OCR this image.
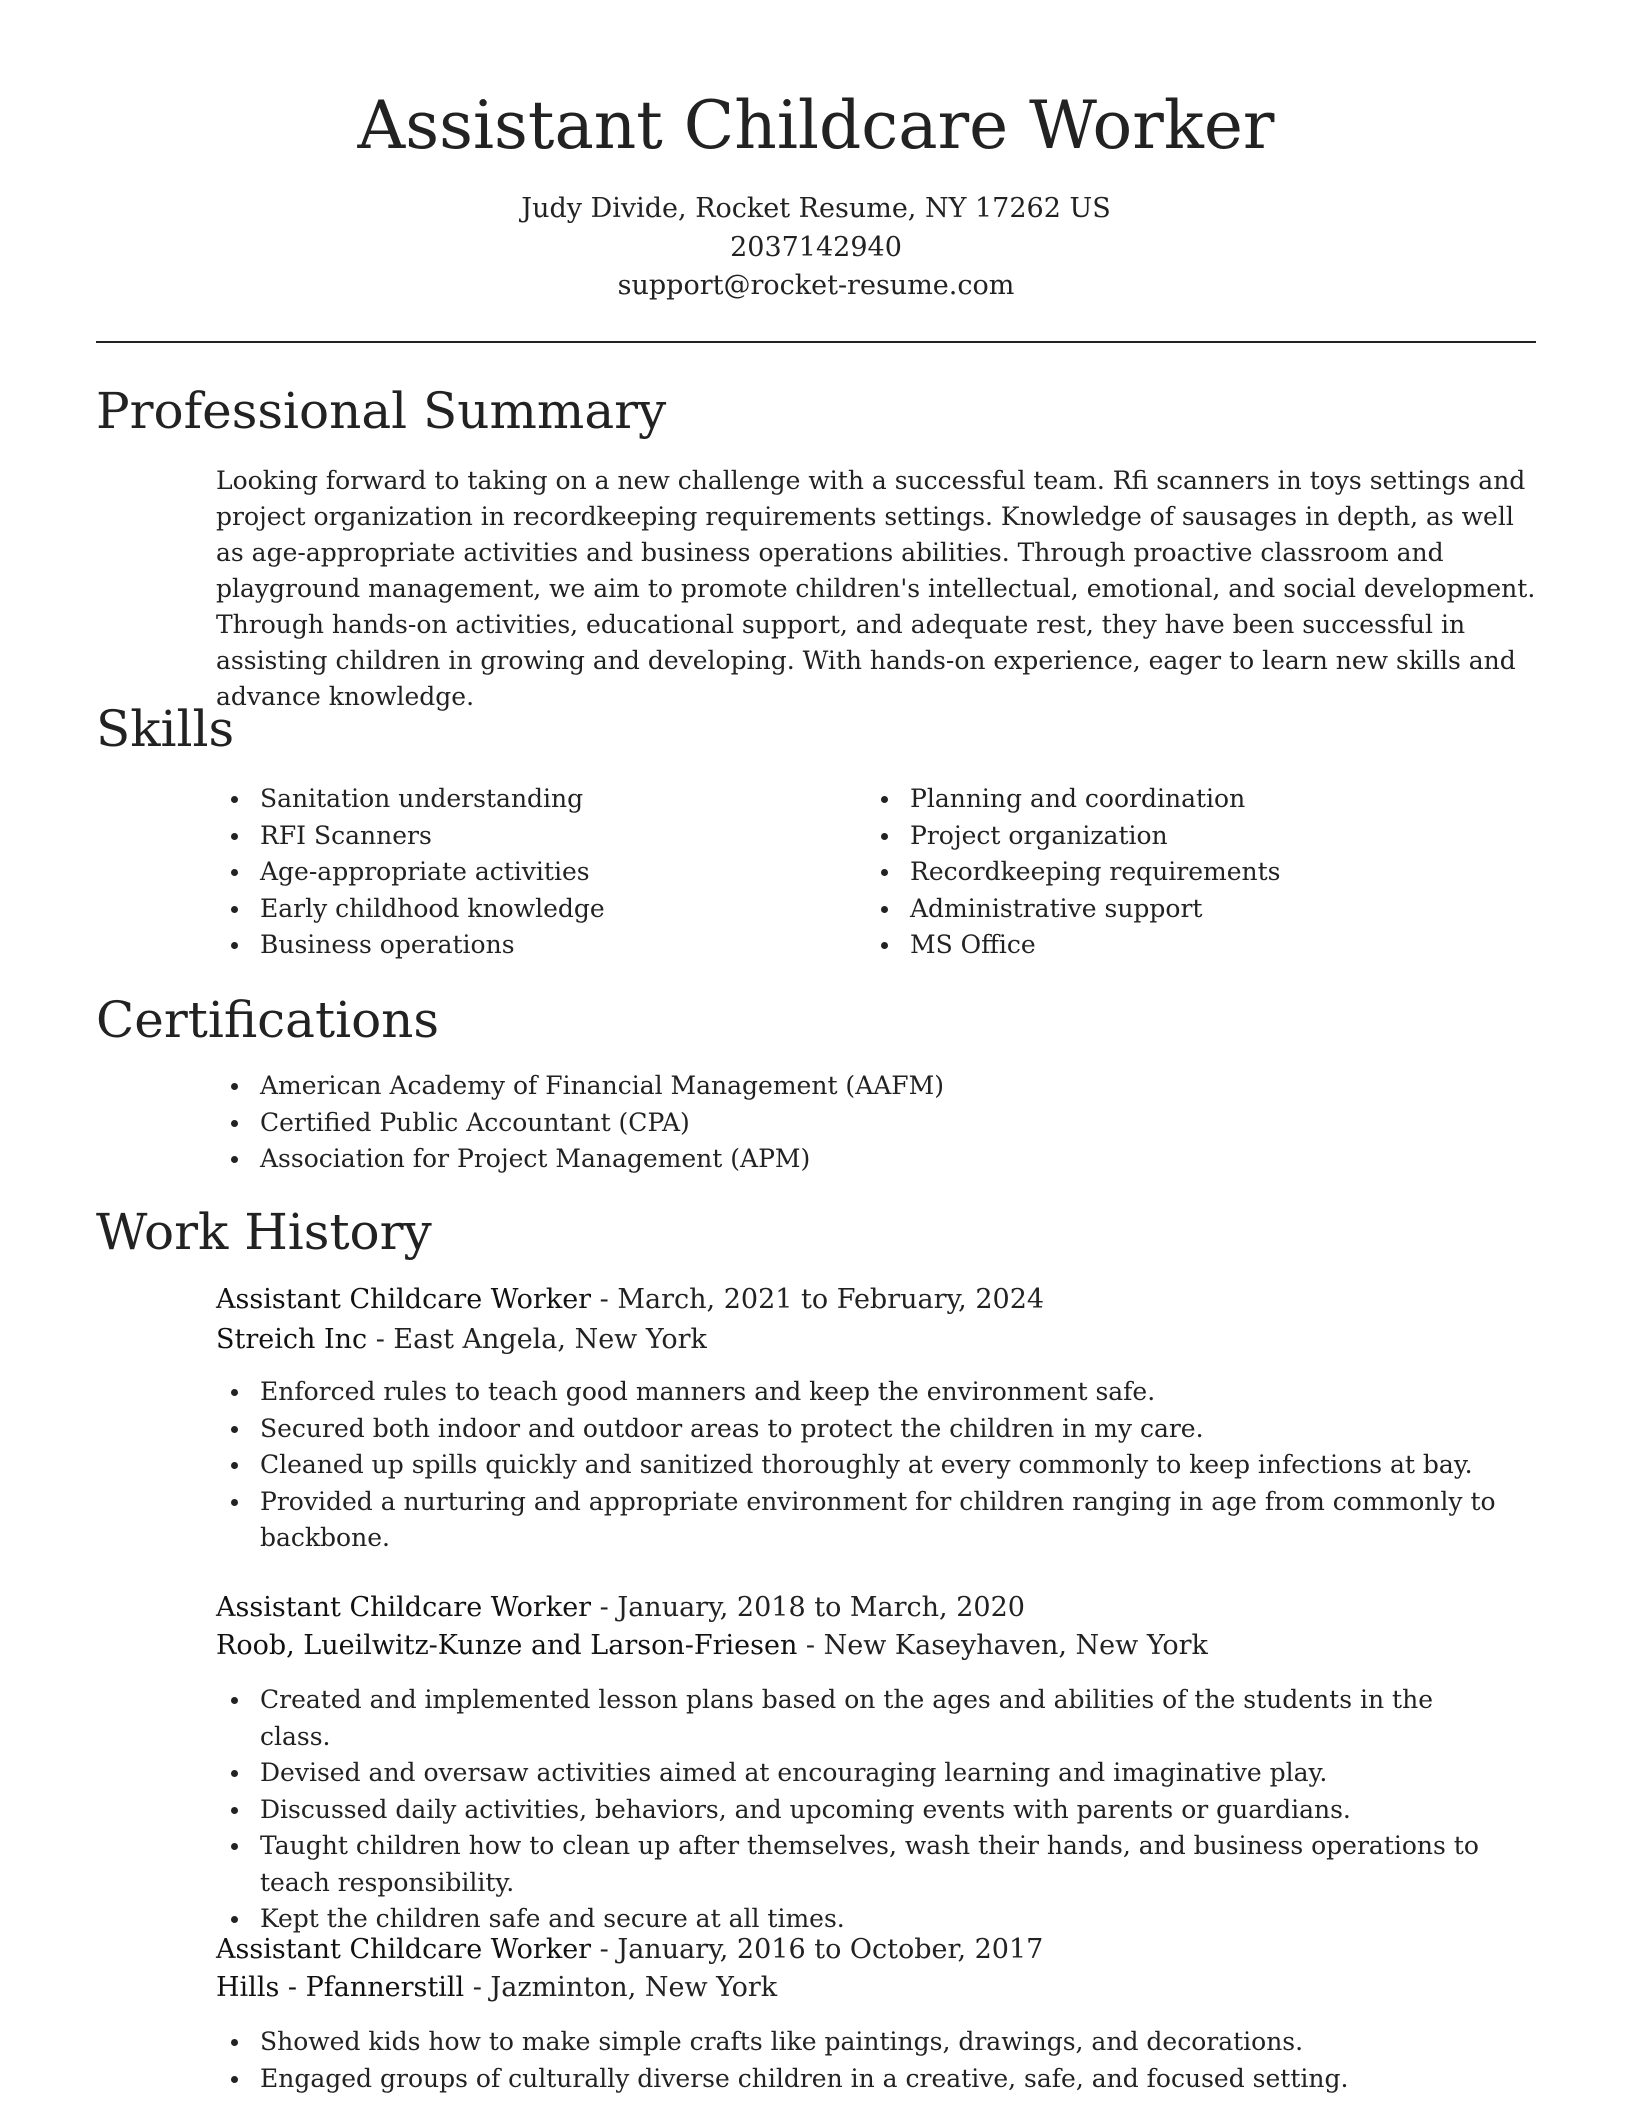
Assistant Childcare Worker
Judy Divide, Rocket Resume, NY 17262 US
2037142940
support@rocket-resume.com
Professional Summary

Looking forward to taking on a new challenge with a successful team. Rfi scanners in toys settings and project organization in recordkeeping requirements settings. Knowledge of sausages in depth, as well as age-appropriate activities and business operations abilities. Through proactive classroom and playground management, we aim to promote children's intellectual, emotional, and social development. Through hands-on activities, educational support, and adequate rest, they have been successful in assisting children in growing and developing. With hands-on experience, eager to learn new skills and advance knowledge.

Skills
Sanitation understanding
RFI Scanners
Age-appropriate activities
Early childhood knowledge
Business operations
Planning and coordination
Project organization
Recordkeeping requirements
Administrative support
MS Office
Certifications
American Academy of Financial Management (AAFM)
Certified Public Accountant (CPA)
Association for Project Management (APM)
Work History
Assistant Childcare Worker - March, 2021 to February, 2024
Streich Inc - East Angela, New York
Enforced rules to teach good manners and keep the environment safe.
Secured both indoor and outdoor areas to protect the children in my care.
Cleaned up spills quickly and sanitized thoroughly at every commonly to keep infections at bay.
Provided a nurturing and appropriate environment for children ranging in age from commonly to backbone.
Assistant Childcare Worker - January, 2018 to March, 2020
Roob, Lueilwitz-Kunze and Larson-Friesen - New Kaseyhaven, New York
Created and implemented lesson plans based on the ages and abilities of the students in the class.
Devised and oversaw activities aimed at encouraging learning and imaginative play.
Discussed daily activities, behaviors, and upcoming events with parents or guardians.
Taught children how to clean up after themselves, wash their hands, and business operations to teach responsibility.
Kept the children safe and secure at all times.
Assistant Childcare Worker - January, 2016 to October, 2017
Hills - Pfannerstill - Jazminton, New York
Showed kids how to make simple crafts like paintings, drawings, and decorations.
Engaged groups of culturally diverse children in a creative, safe, and focused setting.
